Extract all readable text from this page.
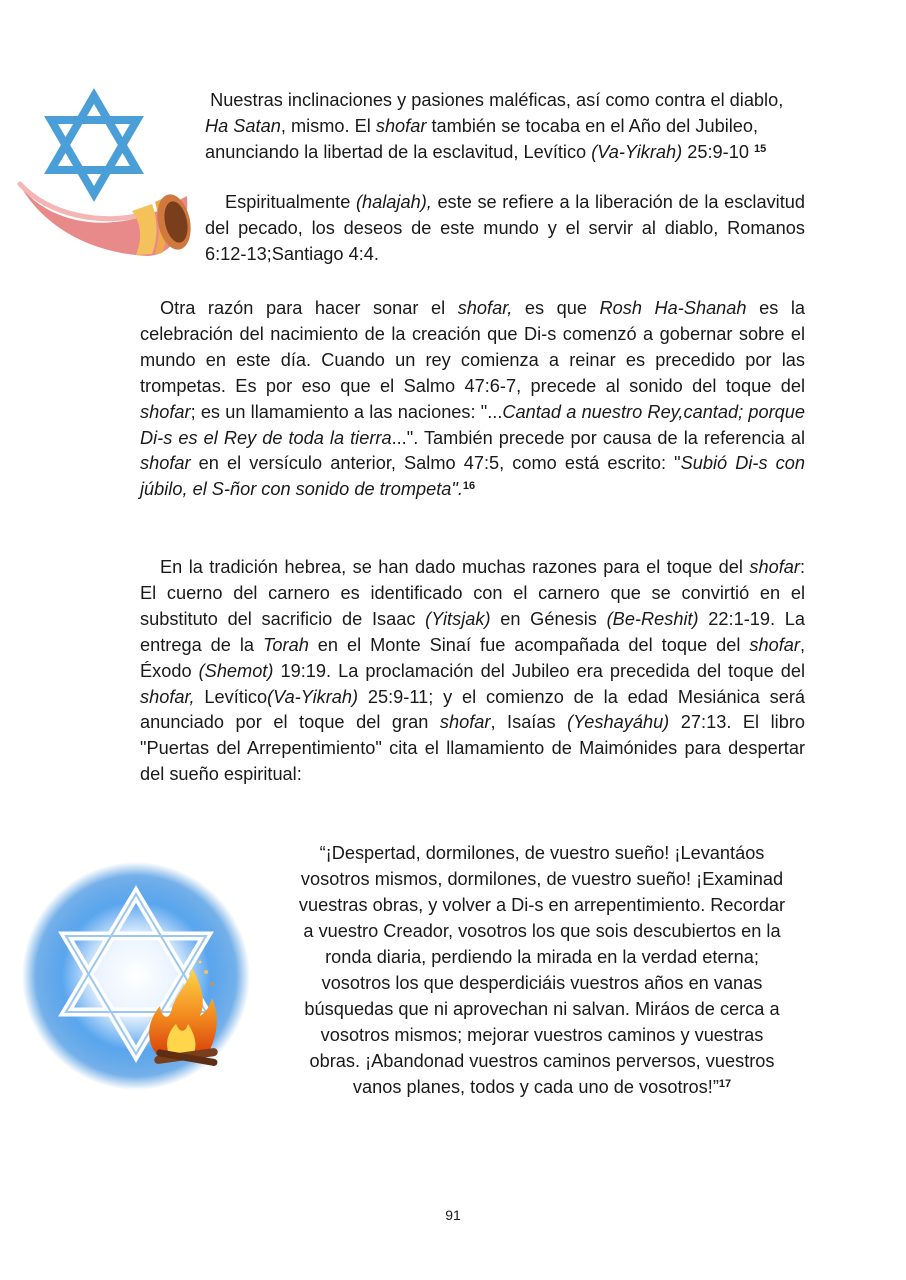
Nuestras inclinaciones y pasiones maléficas, así como contra el diablo,
Ha Satan, mismo. El shofar también se tocaba en el Año del Jubileo,
anunciando la libertad de la esclavitud, Levítico (Va-Yikrah) 25:9-10 $^{15}$

Espiritualmente (halajah), este se refiere a la liberación de la esclavitud del pecado, los deseos de este mundo y el servir al diablo, Romanos 6:12-13;Santiago 4:4.

Otra razón para hacer sonar el shofar, es que Rosh Ha-Shanah es la celebración del nacimiento de la creación que Di-s comenzó a gobernar sobre el mundo en este día. Cuando un rey comienza a reinar es precedido por las trompetas. Es por eso que el Salmo 47:6-7, precede al sonido del toque del shofar; es un llamamiento a las naciones: "...Cantad a nuestro Rey,cantad; porque Di-s es el Rey de toda la tierra...". También precede por causa de la referencia al shofar en el versículo anterior, Salmo 47:5, como está escrito: "Subió Di-s con júbilo, el S-ñor con sonido de trompeta".$^{16}$

En la tradición hebrea, se han dado muchas razones para el toque del shofar: El cuerno del carnero es identificado con el carnero que se convirtió en el substituto del sacrificio de Isaac (Yitsjak) en Génesis (Be-Reshit) 22:1-19. La entrega de la Torah en el Monte Sinaí fue acompañada del toque del shofar, Éxodo (Shemot) 19:19. La proclamación del Jubileo era precedida del toque del shofar, Levítico(Va-Yikrah) 25:9-11; y el comienzo de la edad Mesiánica será anunciado por el toque del gran shofar, Isaías (Yeshayáhu) 27:13. El libro "Puertas del Arrepentimiento" cita el llamamiento de Maimónides para despertar del sueño espiritual:

“¡Despertad, dormilones, de vuestro sueño! ¡Levantáos
vosotros mismos, dormilones, de vuestro sueño! ¡Examinad
vuestras obras, y volver a Di-s en arrepentimiento. Recordar
a vuestro Creador, vosotros los que sois descubiertos en la
ronda diaria, perdiendo la mirada en la verdad eterna;
vosotros los que desperdiciáis vuestros años en vanas
búsquedas que ni aprovechan ni salvan. Miráos de cerca a
vosotros mismos; mejorar vuestros caminos y vuestras
obras. ¡Abandonad vuestros caminos perversos, vuestros
vanos planes, todos y cada uno de vosotros!”$^{17}$
91
